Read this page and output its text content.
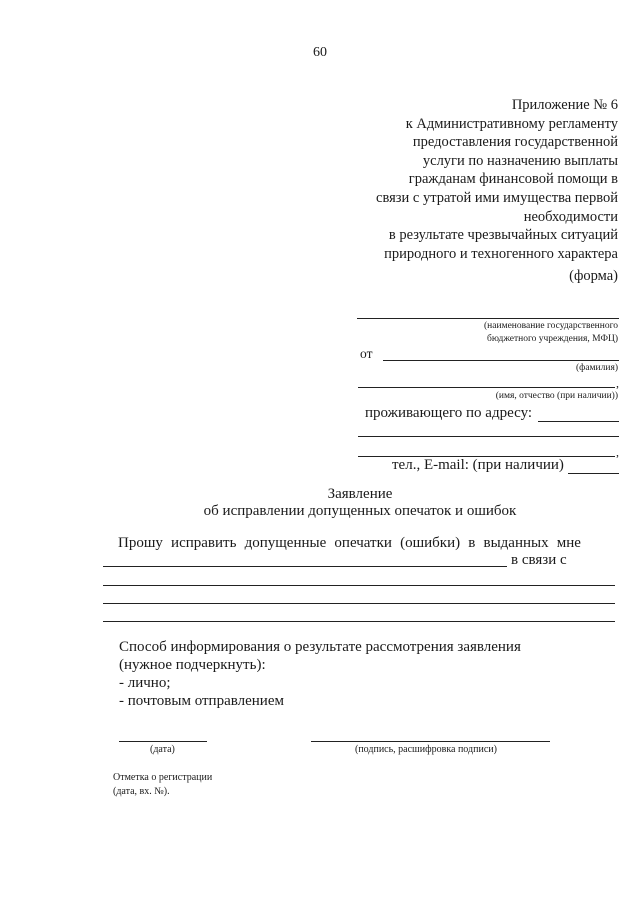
60
Приложение № 6
к Административному регламенту
предоставления государственной
услуги по назначению выплаты
гражданам финансовой помощи в
связи с утратой ими имущества первой
необходимости
в результате чрезвычайных ситуаций
природного и техногенного характера
(форма)
(наименование государственного
бюджетного учреждения, МФЦ)
от
(фамилия)
,
(имя, отчество (при наличии))
проживающего по адресу:
,
тел., E-mail: (при наличии)
Заявление
об исправлении допущенных опечаток и ошибок
Прошу исправить допущенные опечатки (ошибки) в выданных мне
в связи с
Способ информирования о результате рассмотрения заявления
(нужное подчеркнуть):
- лично;
- почтовым отправлением
(дата)	(подпись, расшифровка подписи)
Отметка о регистрации
(дата, вх. №).
